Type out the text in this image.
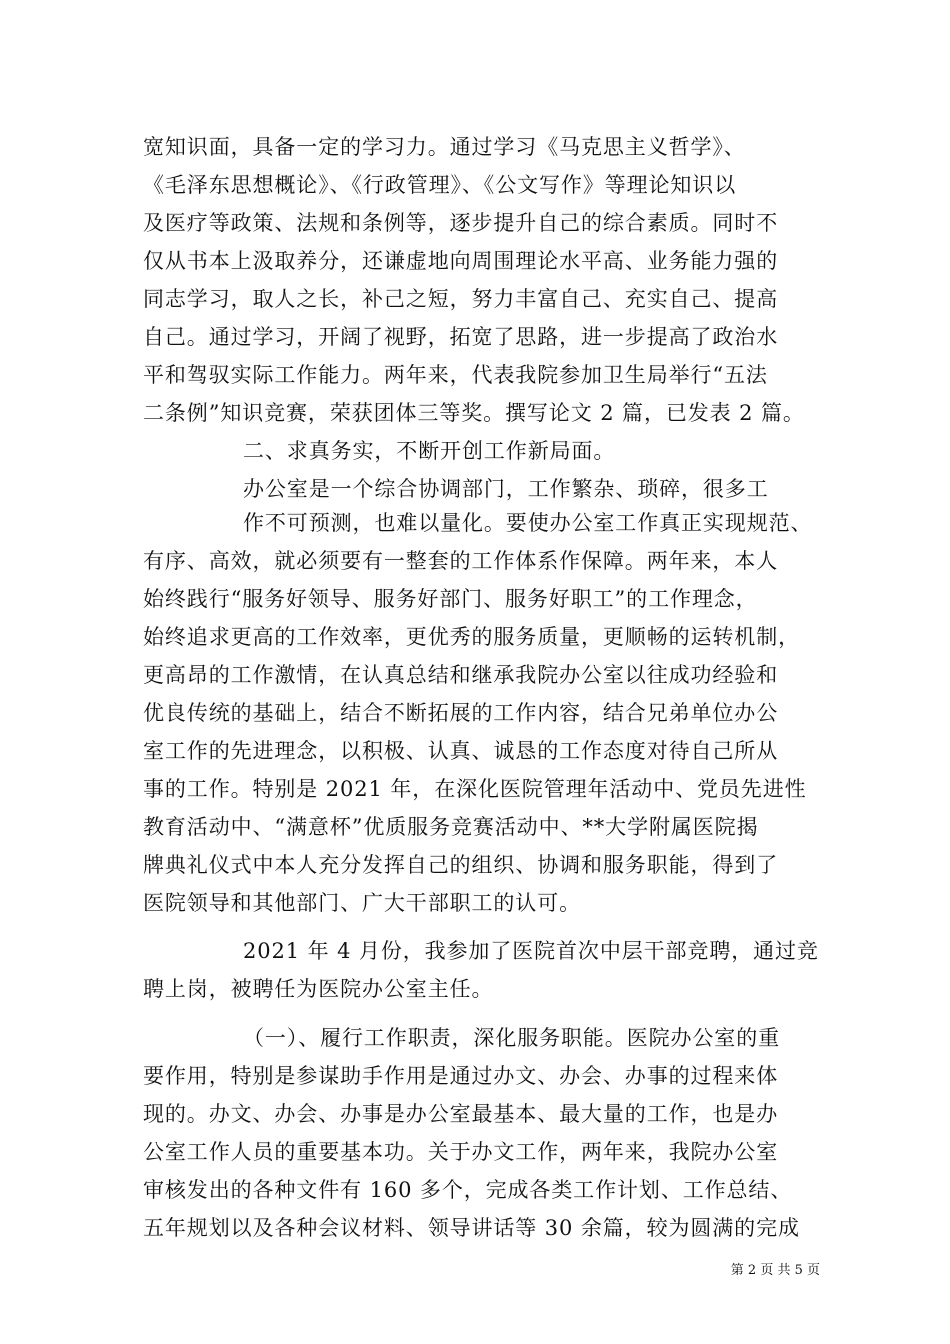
宽知识面，具备一定的学习力。通过学习《马克思主义哲学》、
《毛泽东思想概论》、《行政管理》、《公文写作》等理论知识以
及医疗等政策、法规和条例等，逐步提升自己的综合素质。同时不
仅从书本上汲取养分，还谦虚地向周围理论水平高、业务能力强的
同志学习，取人之长，补己之短，努力丰富自己、充实自己、提高
自己。通过学习，开阔了视野，拓宽了思路，进一步提高了政治水
平和驾驭实际工作能力。两年来，代表我院参加卫生局举行“五法
二条例”知识竞赛，荣获团体三等奖。撰写论文 2 篇，已发表 2 篇。
二、求真务实，不断开创工作新局面。
办公室是一个综合协调部门，工作繁杂、琐碎，很多工
作不可预测，也难以量化。要使办公室工作真正实现规范、
有序、高效，就必须要有一整套的工作体系作保障。两年来，本人
始终践行“服务好领导、服务好部门、服务好职工”的工作理念，
始终追求更高的工作效率，更优秀的服务质量，更顺畅的运转机制，
更高昂的工作激情，在认真总结和继承我院办公室以往成功经验和
优良传统的基础上，结合不断拓展的工作内容，结合兄弟单位办公
室工作的先进理念，以积极、认真、诚恳的工作态度对待自己所从
事的工作。特别是 2021 年，在深化医院管理年活动中、党员先进性
教育活动中、“满意杯”优质服务竞赛活动中、**大学附属医院揭
牌典礼仪式中本人充分发挥自己的组织、协调和服务职能，得到了
医院领导和其他部门、广大干部职工的认可。
2021 年 4 月份，我参加了医院首次中层干部竞聘，通过竞
聘上岗，被聘任为医院办公室主任。
（一）、履行工作职责，深化服务职能。医院办公室的重
要作用，特别是参谋助手作用是通过办文、办会、办事的过程来体
现的。办文、办会、办事是办公室最基本、最大量的工作，也是办
公室工作人员的重要基本功。关于办文工作，两年来，我院办公室
审核发出的各种文件有 160 多个，完成各类工作计划、工作总结、
五年规划以及各种会议材料、领导讲话等 30 余篇，较为圆满的完成
第 2 页 共 5 页
